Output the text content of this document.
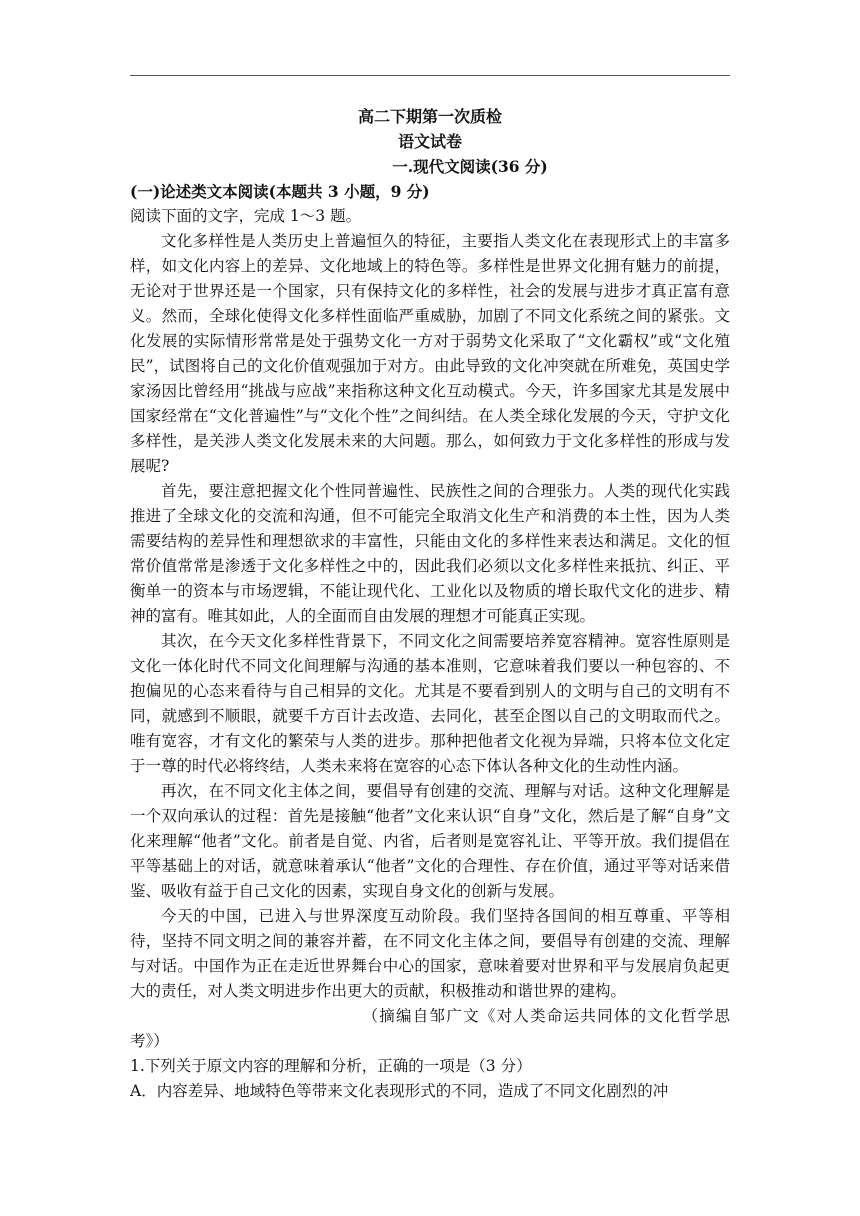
高二下期第一次质检
语文试卷
一.现代文阅读(36 分)
(一)论述类文本阅读(本题共 3 小题，9 分)

阅读下面的文字，完成 1～3 题。

文化多样性是人类历史上普遍恒久的特征，主要指人类文化在表现形式上的丰富多样，如文化内容上的差异、文化地域上的特色等。多样性是世界文化拥有魅力的前提，无论对于世界还是一个国家，只有保持文化的多样性，社会的发展与进步才真正富有意义。然而，全球化使得文化多样性面临严重威胁，加剧了不同文化系统之间的紧张。文化发展的实际情形常常是处于强势文化一方对于弱势文化采取了“文化霸权”或“文化殖民”，试图将自己的文化价值观强加于对方。由此导致的文化冲突就在所难免，英国史学家汤因比曾经用“挑战与应战”来指称这种文化互动模式。今天，许多国家尤其是发展中国家经常在“文化普遍性”与“文化个性”之间纠结。在人类全球化发展的今天，守护文化多样性，是关涉人类文化发展未来的大问题。那么，如何致力于文化多样性的形成与发展呢?

首先，要注意把握文化个性同普遍性、民族性之间的合理张力。人类的现代化实践推进了全球文化的交流和沟通，但不可能完全取消文化生产和消费的本土性，因为人类需要结构的差异性和理想欲求的丰富性，只能由文化的多样性来表达和满足。文化的恒常价值常常是渗透于文化多样性之中的，因此我们必须以文化多样性来抵抗、纠正、平衡单一的资本与市场逻辑，不能让现代化、工业化以及物质的增长取代文化的进步、精神的富有。唯其如此，人的全面而自由发展的理想才可能真正实现。

其次，在今天文化多样性背景下，不同文化之间需要培养宽容精神。宽容性原则是文化一体化时代不同文化间理解与沟通的基本准则，它意味着我们要以一种包容的、不抱偏见的心态来看待与自己相异的文化。尤其是不要看到别人的文明与自己的文明有不同，就感到不顺眼，就要千方百计去改造、去同化，甚至企图以自己的文明取而代之。唯有宽容，才有文化的繁荣与人类的进步。那种把他者文化视为异端，只将本位文化定于一尊的时代必将终结，人类未来将在宽容的心态下体认各种文化的生动性内涵。

再次，在不同文化主体之间，要倡导有创建的交流、理解与对话。这种文化理解是一个双向承认的过程：首先是接触“他者”文化来认识“自身”文化，然后是了解“自身”文化来理解“他者”文化。前者是自觉、内省，后者则是宽容礼让、平等开放。我们提倡在平等基础上的对话，就意味着承认“他者”文化的合理性、存在价值，通过平等对话来借鉴、吸收有益于自己文化的因素，实现自身文化的创新与发展。

今天的中国，已进入与世界深度互动阶段。我们坚持各国间的相互尊重、平等相待，坚持不同文明之间的兼容并蓄，在不同文化主体之间，要倡导有创建的交流、理解与对话。中国作为正在走近世界舞台中心的国家，意味着要对世界和平与发展肩负起更大的责任，对人类文明进步作出更大的贡献，积极推动和谐世界的建构。

（摘编自邹广文《对人类命运共同体的文化哲学思考》）

1.下列关于原文内容的理解和分析，正确的一项是（3 分）

A．内容差异、地域特色等带来文化表现形式的不同，造成了不同文化剧烈的冲
